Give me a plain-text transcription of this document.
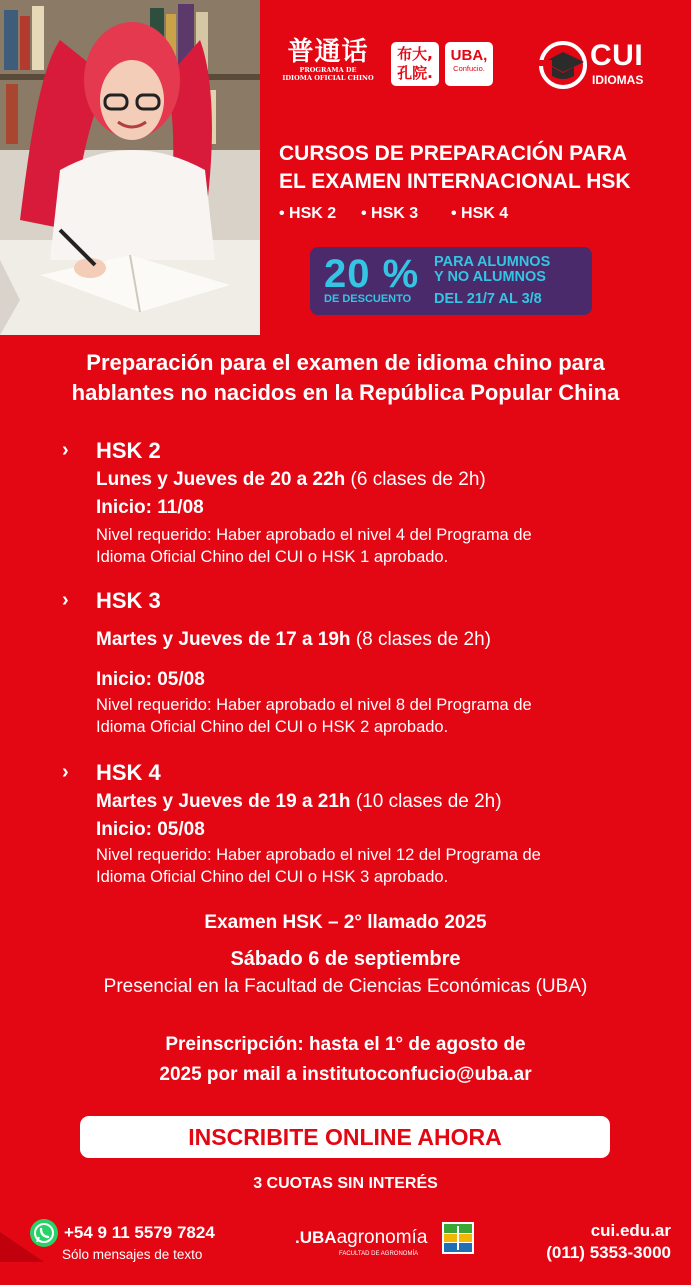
普通话
PROGRAMA DE
IDIOMA OFICIAL CHINO
布大,
孔院.
UBA,
Confucio.	CUI
IDIOMAS
CURSOS DE PREPARACIÓN PARA
EL EXAMEN INTERNACIONAL HSK
• HSK 2 • HSK 3 • HSK 4
20 %
DE DESCUENTO
PARA ALUMNOS
Y NO ALUMNOS
DEL 21/7 AL 3/8
Preparación para el examen de idioma chino para
hablantes no nacidos en la República Popular China
› HSK 2
Lunes y Jueves de 20 a 22h (6 clases de 2h)
Inicio: 11/08
Nivel requerido: Haber aprobado el nivel 4 del Programa de
Idioma Oficial Chino del CUI o HSK 1 aprobado.
› HSK 3
Martes y Jueves de 17 a 19h (8 clases de 2h)
Inicio: 05/08
Nivel requerido: Haber aprobado el nivel 8 del Programa de
Idioma Oficial Chino del CUI o HSK 2 aprobado.
› HSK 4
Martes y Jueves de 19 a 21h (10 clases de 2h)
Inicio: 05/08
Nivel requerido: Haber aprobado el nivel 12 del Programa de
Idioma Oficial Chino del CUI o HSK 3 aprobado.
Examen HSK – 2° llamado 2025
Sábado 6 de septiembre
Presencial en la Facultad de Ciencias Económicas (UBA)
Preinscripción: hasta el 1° de agosto de
2025 por mail a institutoconfucio@uba.ar
INSCRIBITE ONLINE AHORA
3 CUOTAS SIN INTERÉS
+54 9 11 5579 7824
Sólo mensajes de texto
.UBAagronomía
FACULTAD DE AGRONOMÍA
cui.edu.ar
(011) 5353-3000
